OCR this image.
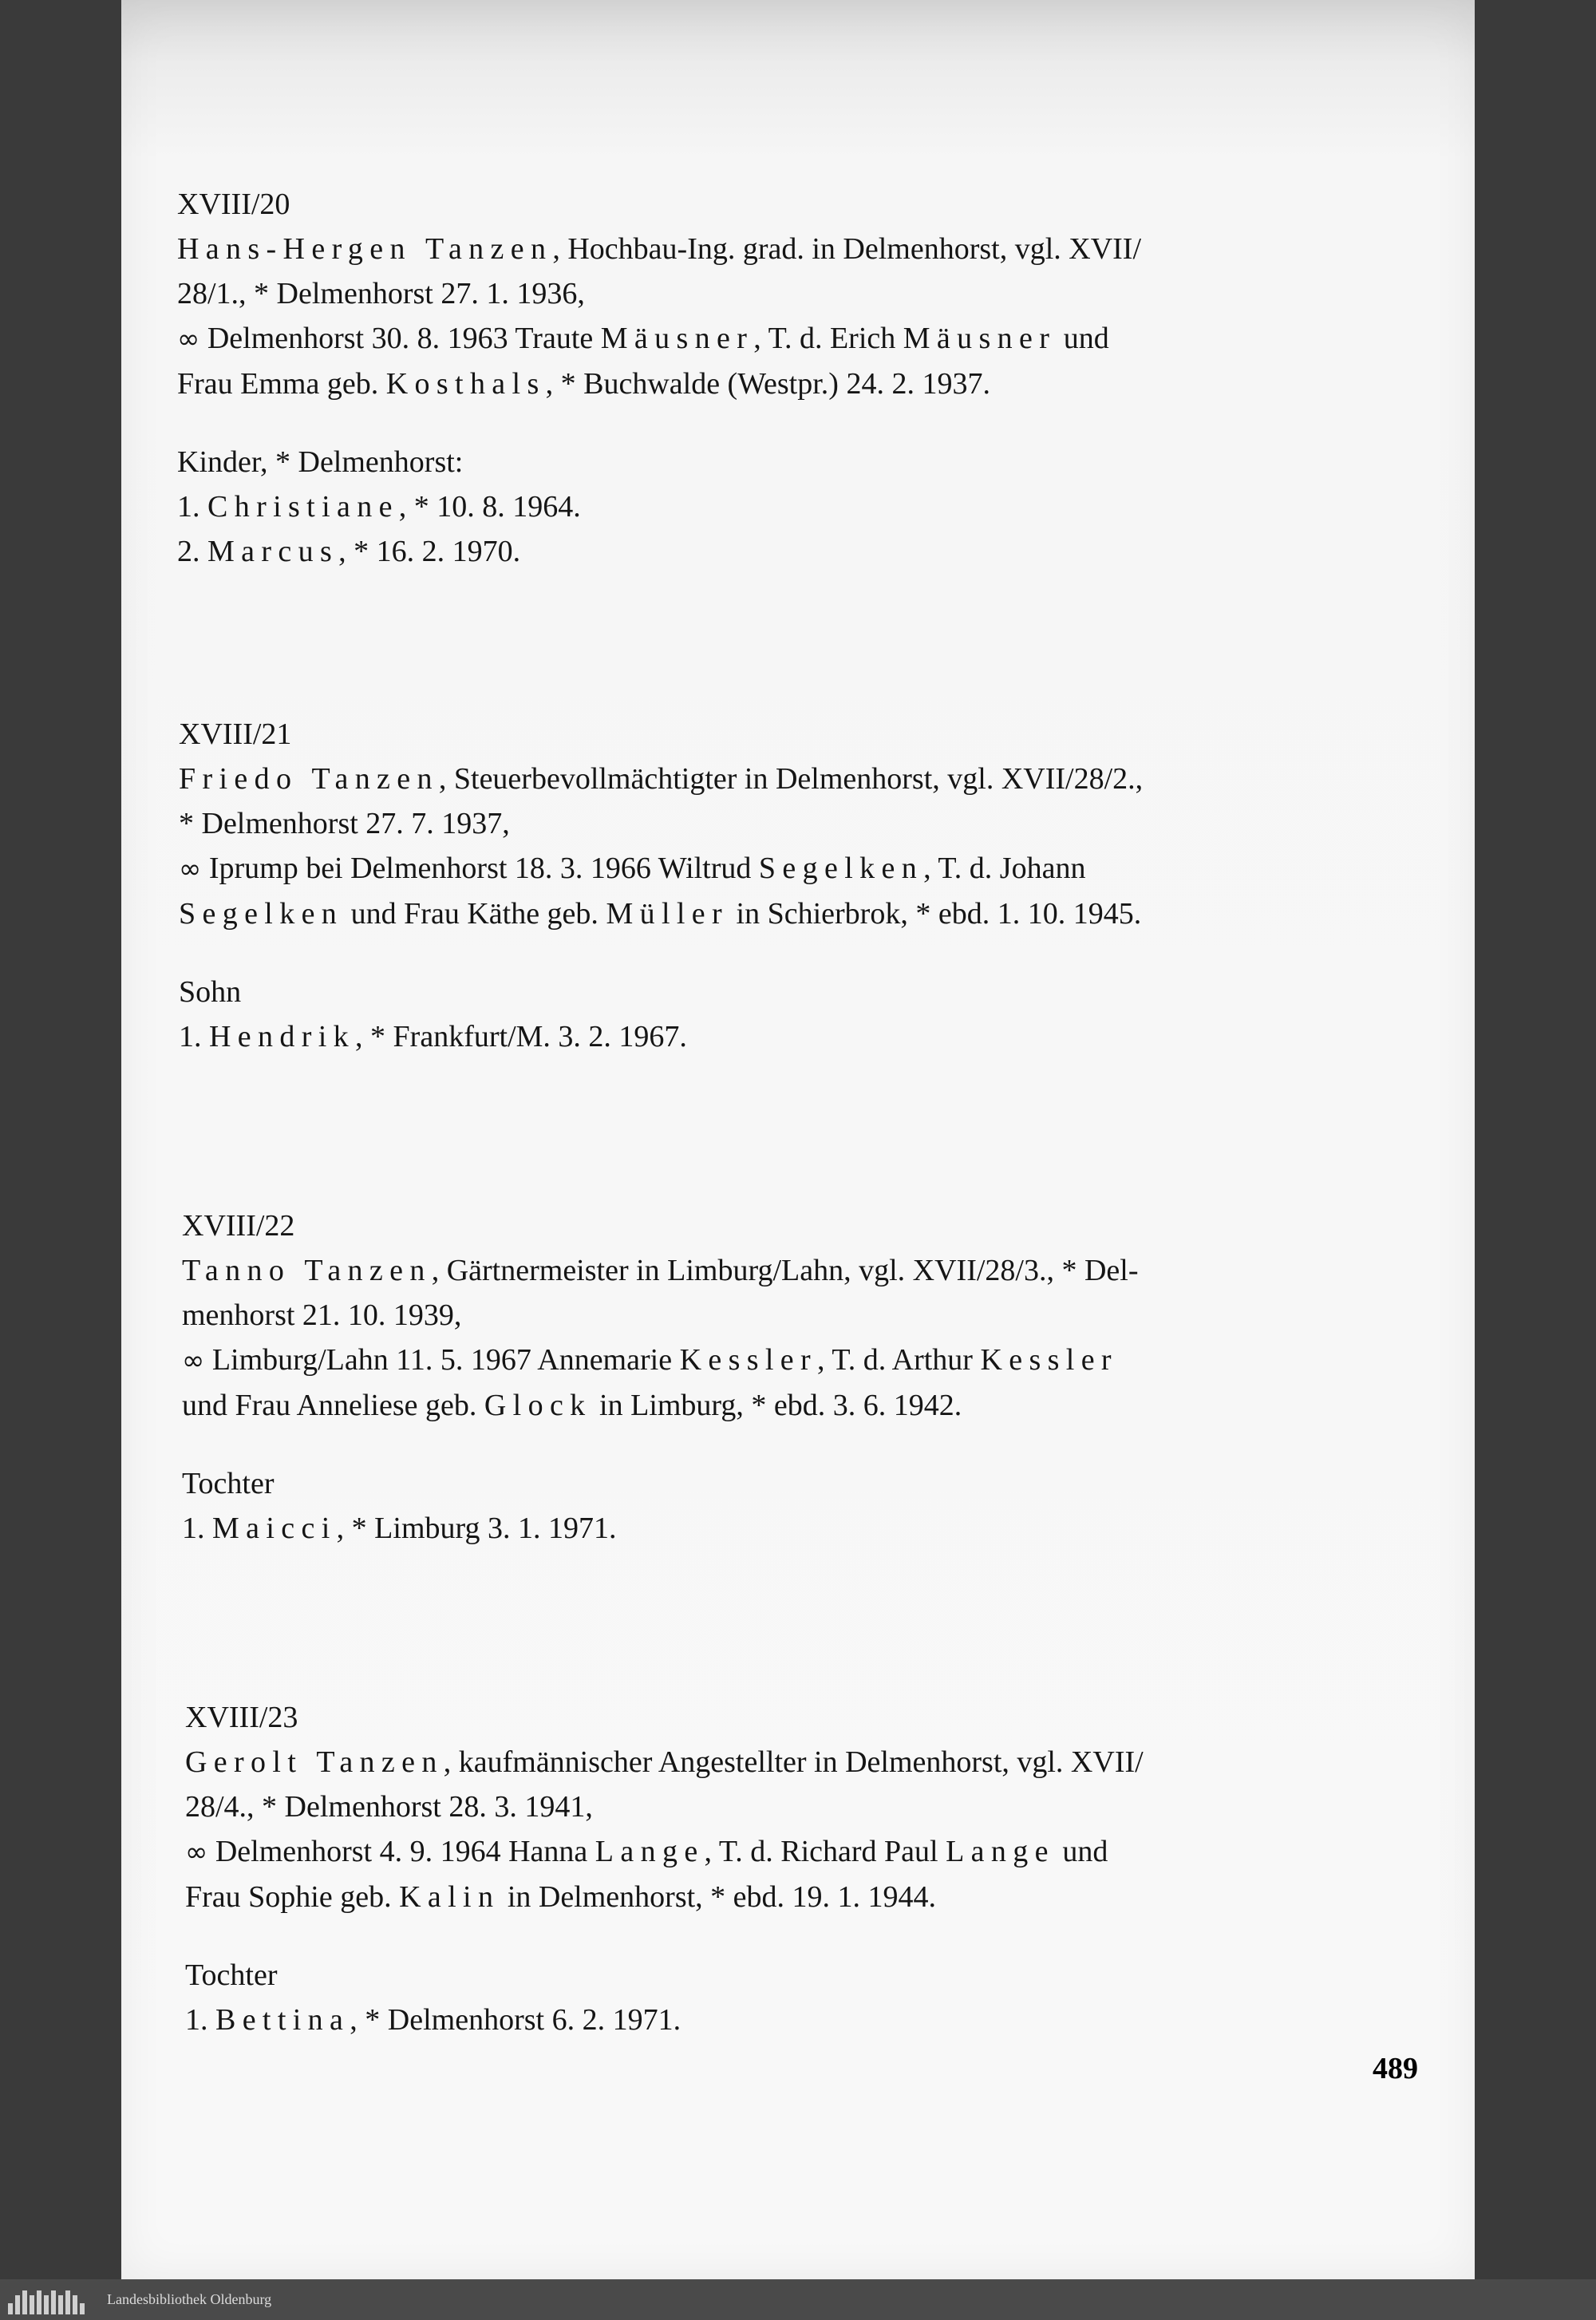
XVIII/20
Hans-Hergen Tanzen, Hochbau-Ing. grad. in Delmenhorst, vgl. XVII/
28/1., * Delmenhorst 27. 1. 1936,
∞ Delmenhorst 30. 8. 1963 Traute Mäusner, T. d. Erich Mäusner und
Frau Emma geb. Kosthals, * Buchwalde (Westpr.) 24. 2. 1937.
Kinder, * Delmenhorst:
1. Christiane, * 10. 8. 1964.
2. Marcus, * 16. 2. 1970.
XVIII/21
Friedo Tanzen, Steuerbevollmächtigter in Delmenhorst, vgl. XVII/28/2.,
* Delmenhorst 27. 7. 1937,
∞ Iprump bei Delmenhorst 18. 3. 1966 Wiltrud Segelken, T. d. Johann
Segelken und Frau Käthe geb. Müller in Schierbrok, * ebd. 1. 10. 1945.
Sohn
1. Hendrik, * Frankfurt/M. 3. 2. 1967.
XVIII/22
Tanno Tanzen, Gärtnermeister in Limburg/Lahn, vgl. XVII/28/3., * Del-
menhorst 21. 10. 1939,
∞ Limburg/Lahn 11. 5. 1967 Annemarie Kessler, T. d. Arthur Kessler
und Frau Anneliese geb. Glock in Limburg, * ebd. 3. 6. 1942.
Tochter
1. Maicci, * Limburg 3. 1. 1971.
XVIII/23
Gerolt Tanzen, kaufmännischer Angestellter in Delmenhorst, vgl. XVII/
28/4., * Delmenhorst 28. 3. 1941,
∞ Delmenhorst 4. 9. 1964 Hanna Lange, T. d. Richard Paul Lange und
Frau Sophie geb. Kalin in Delmenhorst, * ebd. 19. 1. 1944.
Tochter
1. Bettina, * Delmenhorst 6. 2. 1971.
489
Landesbibliothek Oldenburg
